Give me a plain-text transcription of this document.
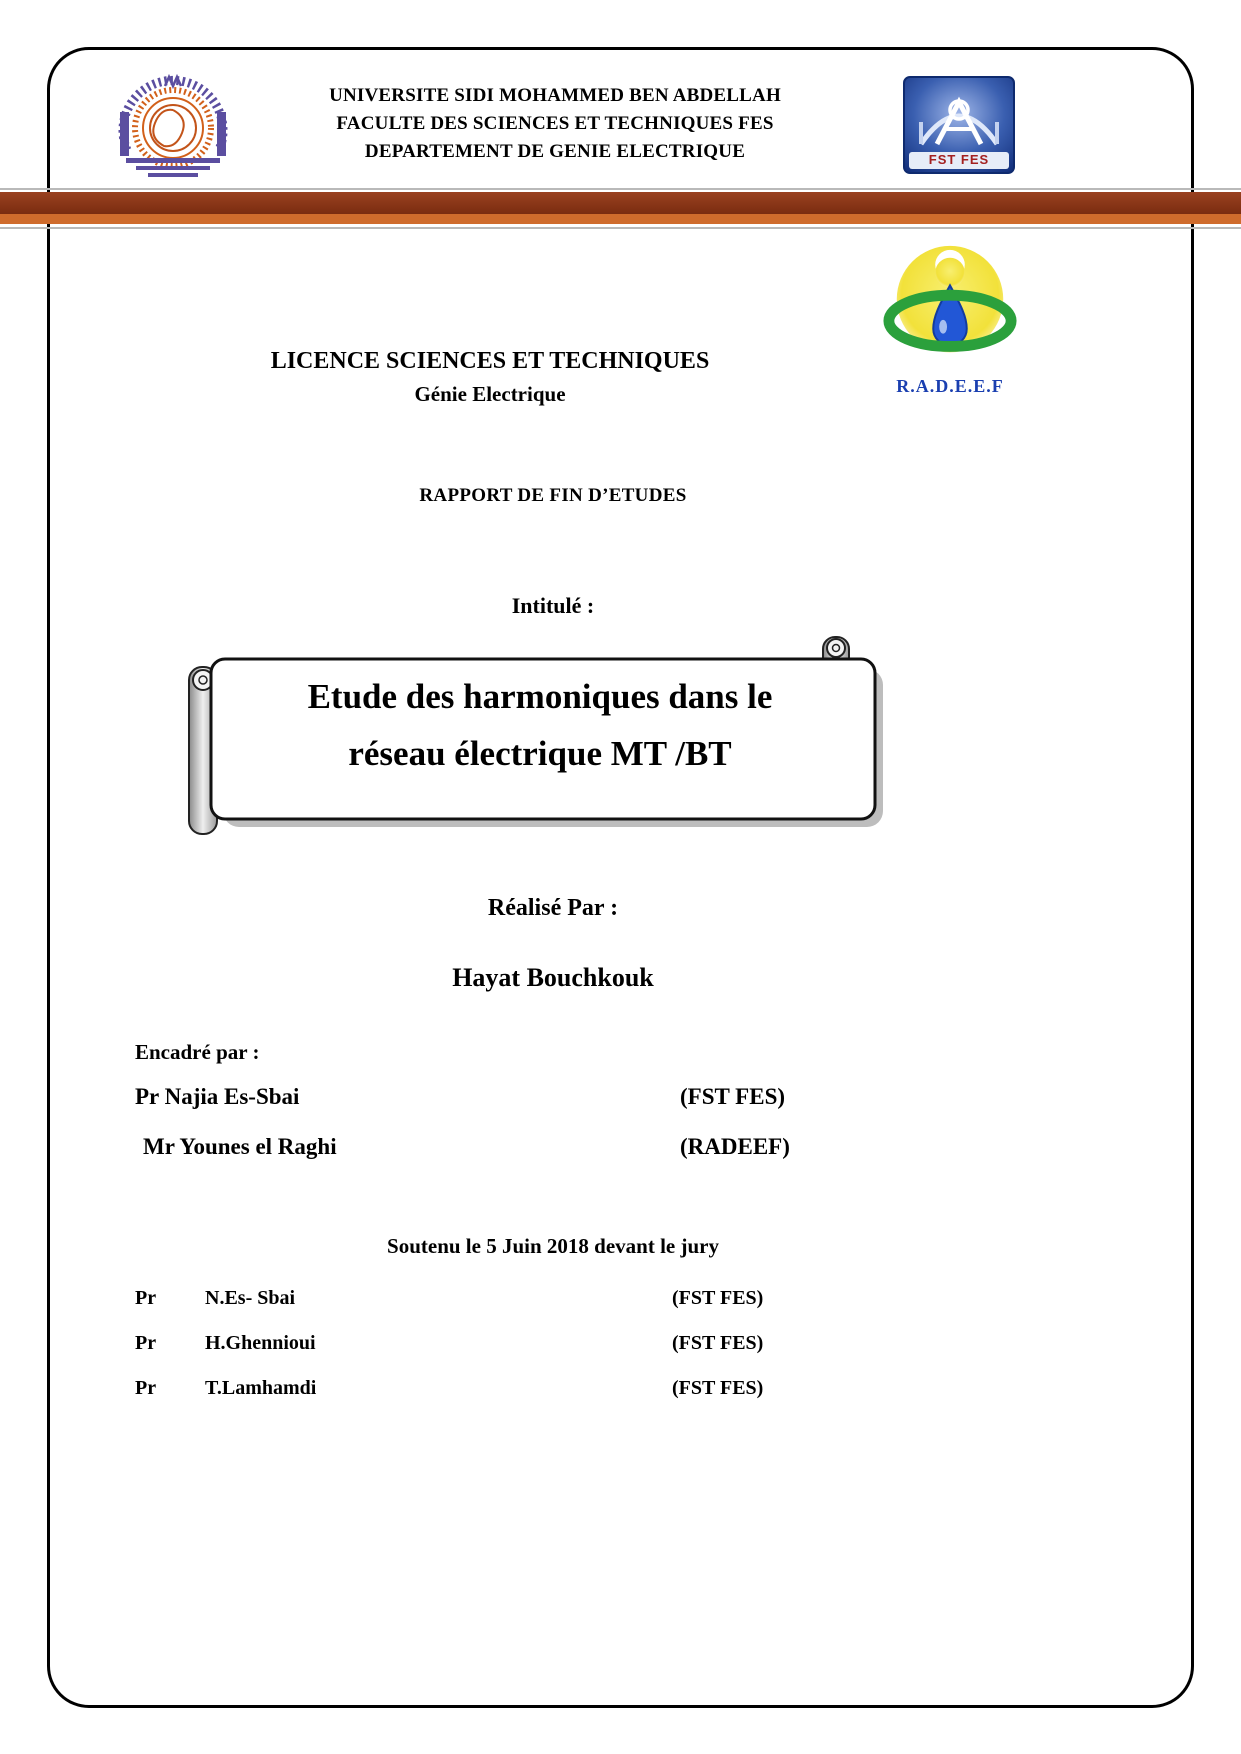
UNIVERSITE SIDI MOHAMMED BEN ABDELLAH
FACULTE DES SCIENCES ET TECHNIQUES FES
DEPARTEMENT DE GENIE ELECTRIQUE	FST FES
R.A.D.E.E.F
LICENCE SCIENCES ET TECHNIQUES
Génie Electrique
RAPPORT DE FIN D’ETUDES
Intitulé :
Etude des harmoniques dans le
réseau électrique MT /BT
Réalisé Par :
Hayat Bouchkouk
Encadré par :
Pr Najia Es-Sbai	(FST FES)
Mr Younes el Raghi	(RADEEF)
Soutenu le 5 Juin 2018 devant le jury
Pr N.Es- Sbai	(FST FES)
Pr H.Ghennioui	(FST FES)
Pr T.Lamhamdi	(FST FES)
